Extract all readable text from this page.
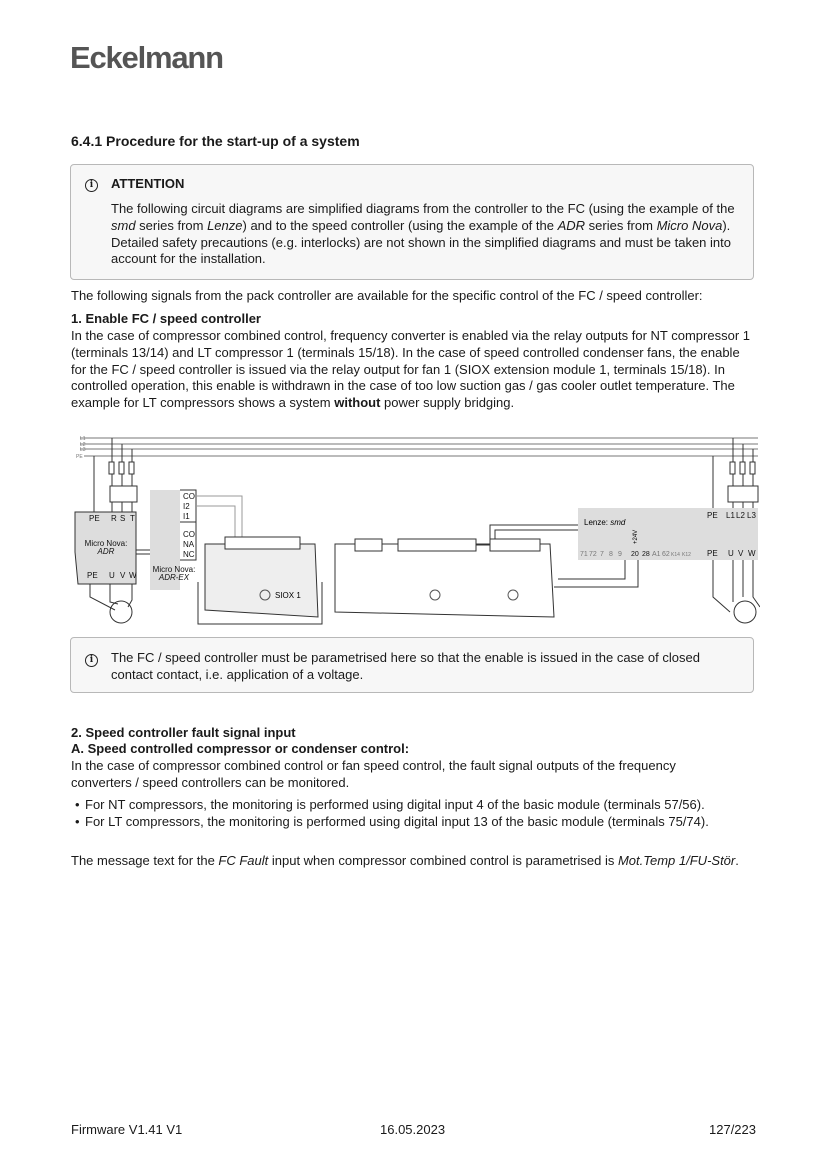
Eckelmann
6.4.1 Procedure for the start-up of a system
i	ATTENTION
The following circuit diagrams are simplified diagrams from the controller to the FC (using the example of the smd series from Lenze) and to the speed controller (using the example of the ADR series from Micro Nova). Detailed safety precautions (e.g. interlocks) are not shown in the simplified diagrams and must be taken into account for the installation.
The following signals from the pack controller are available for the specific control of the FC / speed controller:
1. Enable FC / speed controller
In the case of compressor combined control, frequency converter is enabled via the relay outputs for NT compressor 1 (terminals 13/14) and LT compressor 1 (terminals 15/18). In the case of speed controlled condenser fans, the enable for the FC / speed controller is issued via the relay output for fan 1 (SIOX extension module 1, terminals 15/18). In controlled operation, this enable is withdrawn in the case of too low suction gas / gas cooler outlet temperature. The example for LT compressors shows a system without power supply bridging.
L1
L2
L3
PE
PE R S T
Micro Nova:
ADR
PE U V W
CO
I2
I1
CO
NA
NC
Micro Nova:
ADR-EX
SIOX 1
Lenze: smd
+24V
71 72 7 8 9 20 28 A1 62 K14 K12
PE L1 L2 L3
PE U V W
i	The FC / speed controller must be parametrised here so that the enable is issued in the case of closed contact contact, i.e. application of a voltage.
2. Speed controller fault signal input
A. Speed controlled compressor or condenser control:
In the case of compressor combined control or fan speed control, the fault signal outputs of the frequency converters / speed controllers can be monitored.
• For NT compressors, the monitoring is performed using digital input 4 of the basic module (terminals 57/56).
• For LT compressors, the monitoring is performed using digital input 13 of the basic module (terminals 75/74).
The message text for the FC Fault input when compressor combined control is parametrised is Mot.Temp 1/FU-Stör.
Firmware V1.41 V1	16.05.2023	127/223
